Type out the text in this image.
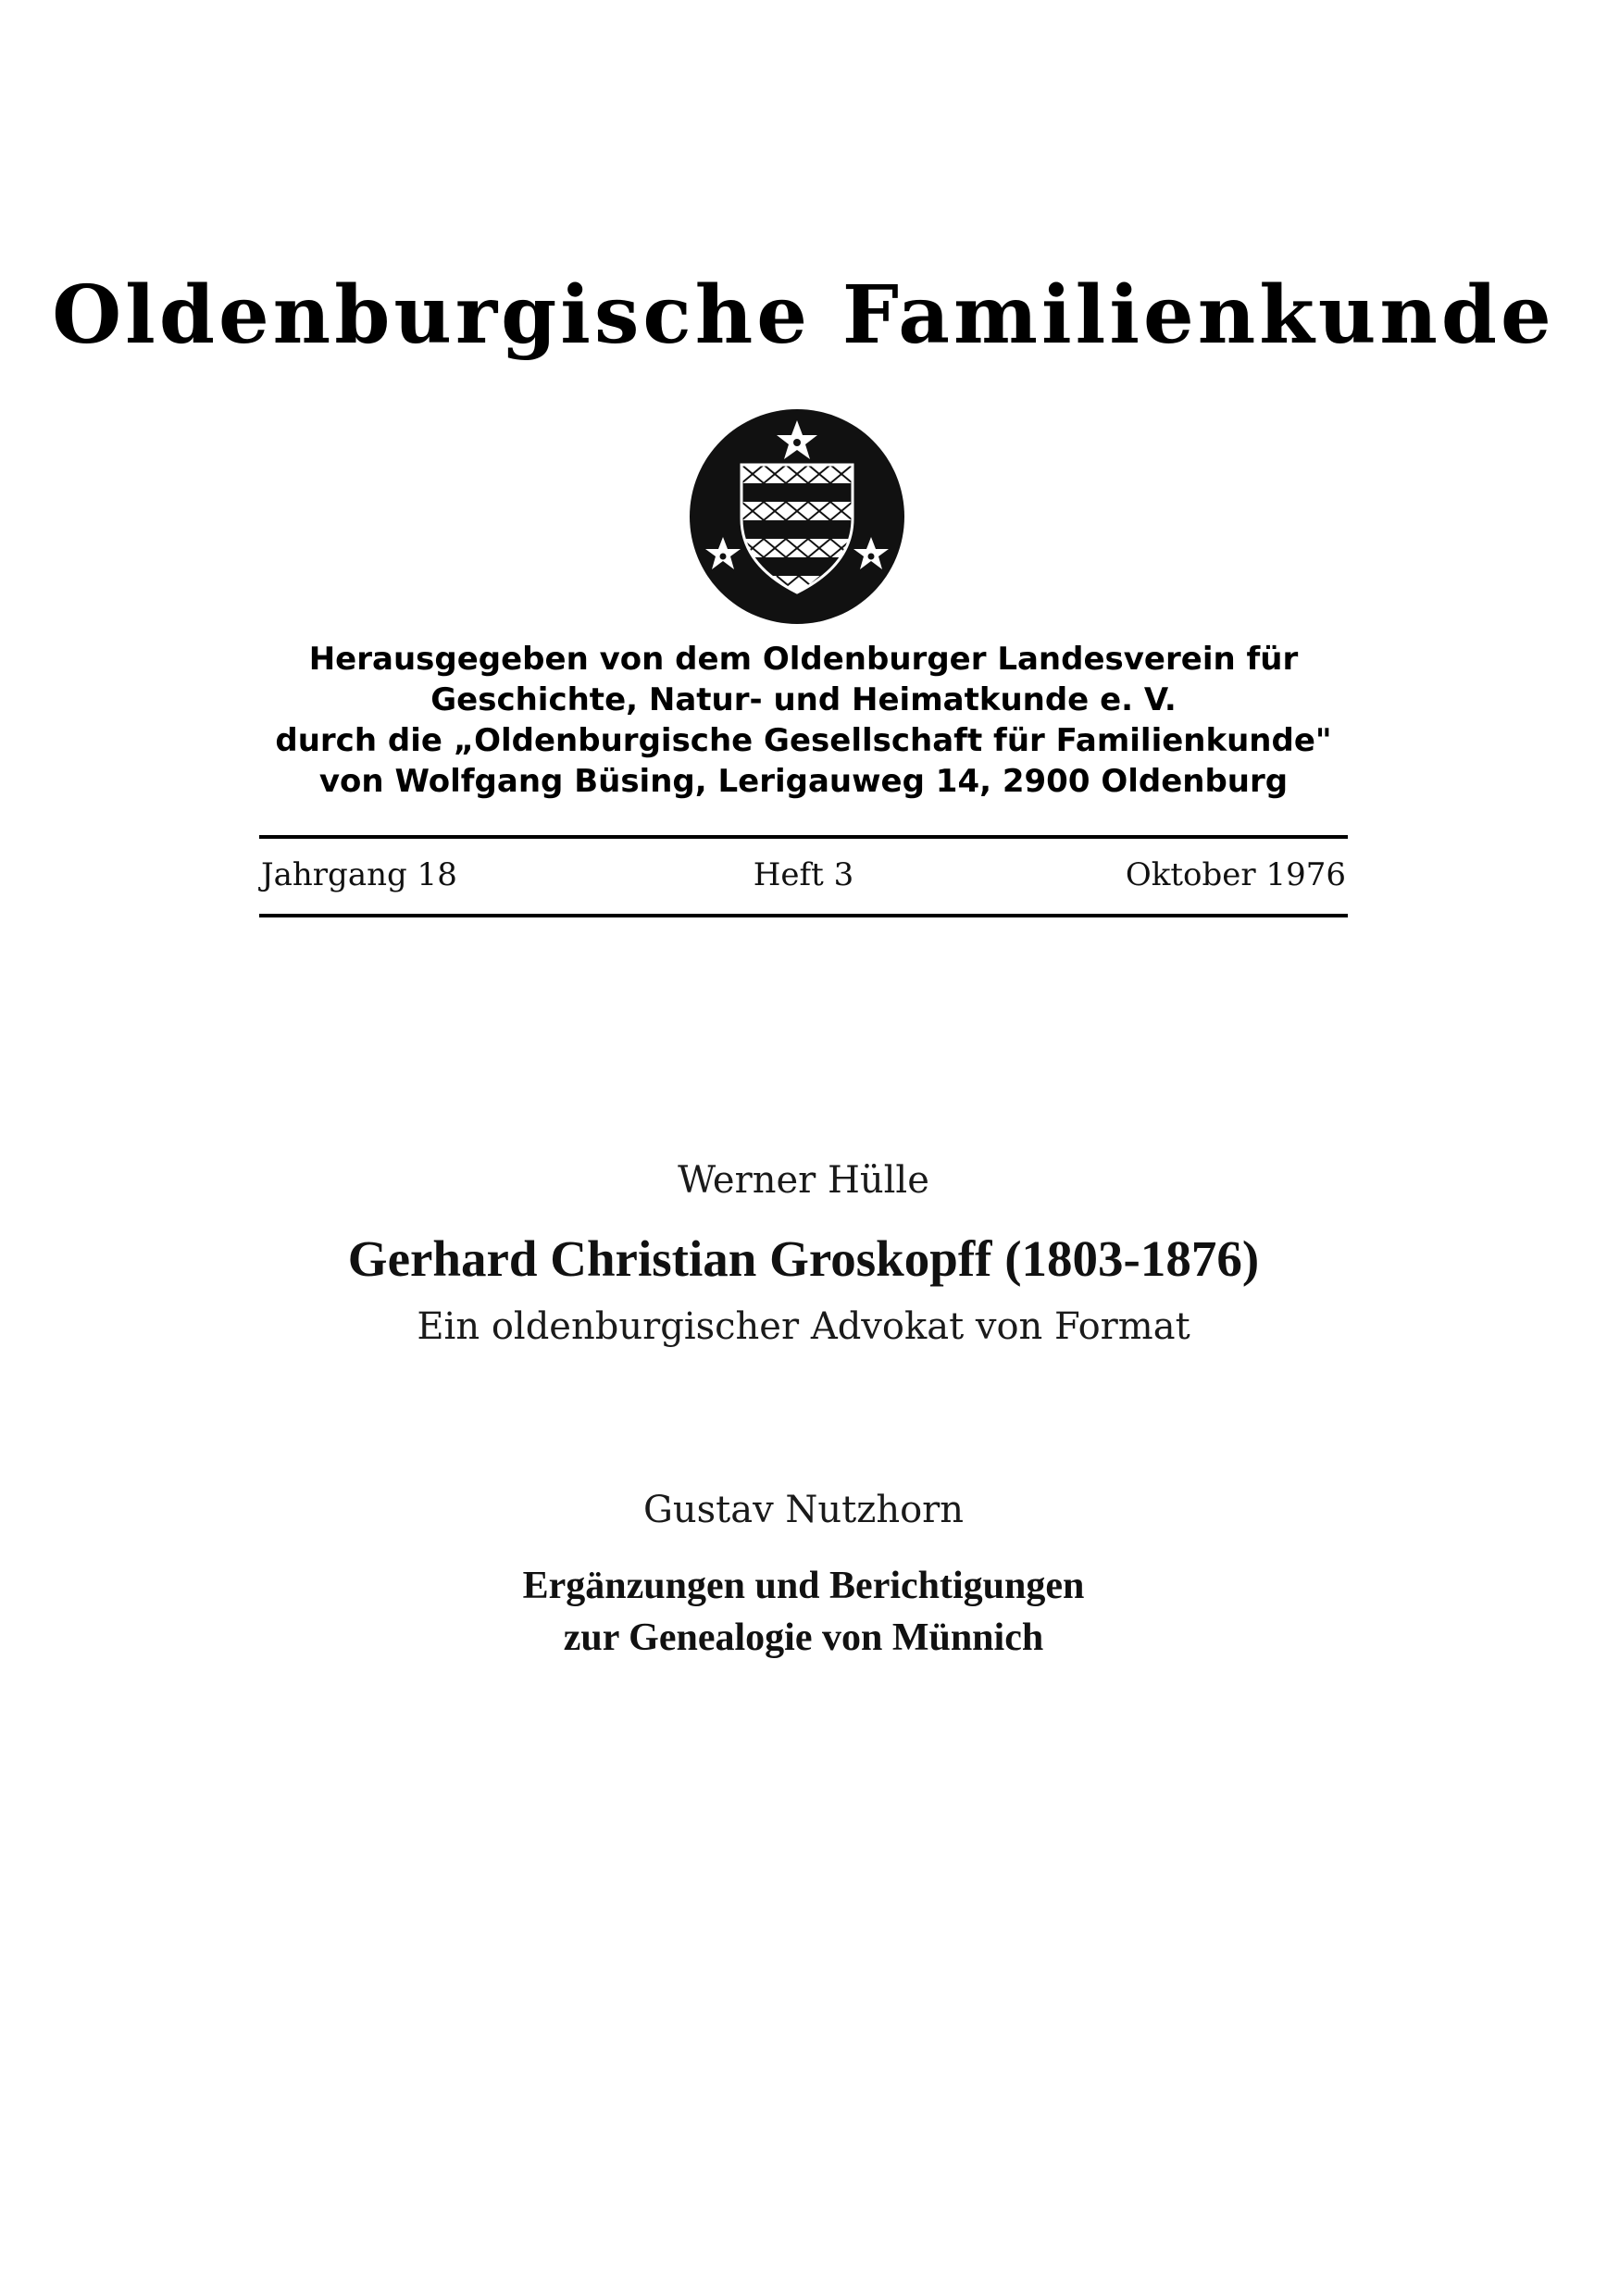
Oldenburgische Familienkunde
Herausgegeben von dem Oldenburger Landesverein für
Geschichte, Natur- und Heimatkunde e. V.
durch die „Oldenburgische Gesellschaft für Familienkunde"
von Wolfgang Büsing, Lerigauweg 14, 2900 Oldenburg
Jahrgang 18	Heft 3	Oktober 1976
Werner Hülle
Gerhard Christian Groskopff (1803-1876)
Ein oldenburgischer Advokat von Format
Gustav Nutzhorn
Ergänzungen und Berichtigungen
zur Genealogie von Münnich
